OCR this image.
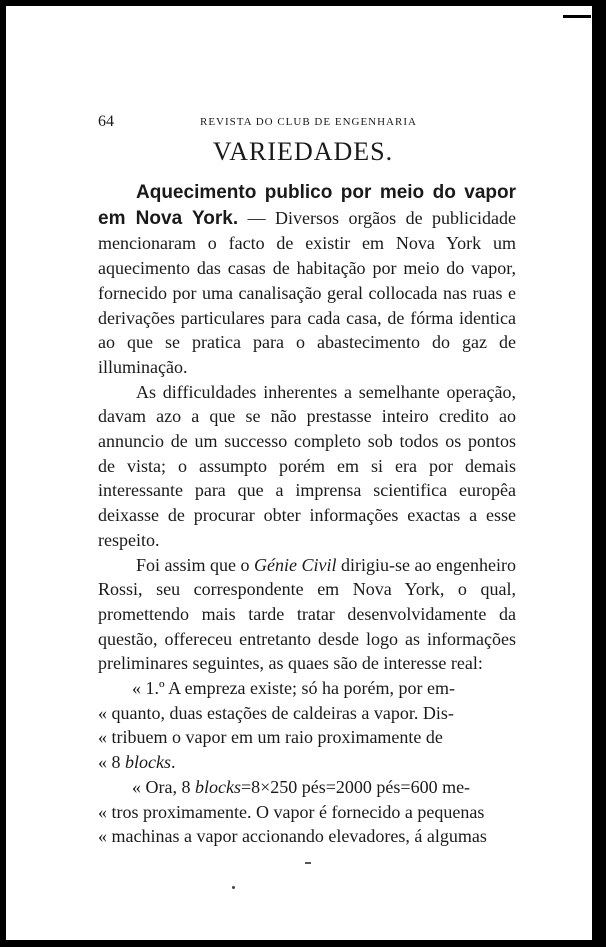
64	REVISTA DO CLUB DE ENGENHARIA
VARIEDADES.

Aquecimento publico por meio do vapor em Nova York. — Diversos orgãos de publicidade mencionaram o facto de existir em Nova York um aquecimento das casas de habitação por meio do vapor, fornecido por uma canalisação geral collocada nas ruas e derivações particulares para cada casa, de fórma identica ao que se pratica para o abastecimento do gaz de illuminação.

As difficuldades inherentes a semelhante operação, davam azo a que se não prestasse inteiro credito ao annuncio de um successo completo sob todos os pontos de vista; o assumpto porém em si era por demais interessante para que a imprensa scientifica europêa deixasse de procurar obter informações exactas a esse respeito.

Foi assim que o Génie Civil dirigiu-se ao engenheiro Rossi, seu correspondente em Nova York, o qual, promettendo mais tarde tratar desenvolvidamente da questão, offereceu entretanto desde logo as informações preliminares seguintes, as quaes são de interesse real:

« 1.º A empreza existe; só ha porém, por em-

« quanto, duas estações de caldeiras a vapor. Dis-

« tribuem o vapor em um raio proximamente de

« 8 blocks.

« Ora, 8 blocks=8×250 pés=2000 pés=600 me-

« tros proximamente. O vapor é fornecido a pequenas

« machinas a vapor accionando elevadores, á algumas
